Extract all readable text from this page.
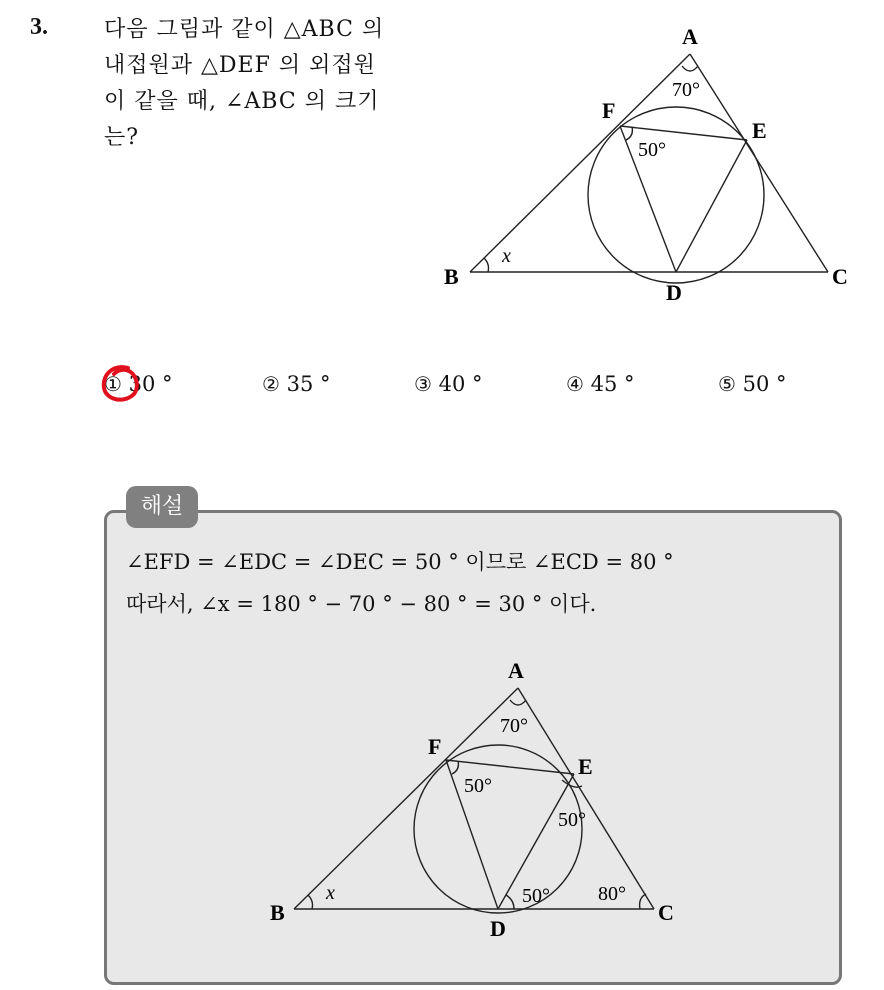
3.	다음 그림과 같이 △ABC 의
내접원과 △DEF 의 외접원
이 같을 때, ∠ABC 의 크기
는?
A
B	C
D
E
F
x
70°
50°
① 30 °	② 35 °	③ 40 °	④ 45 °	⑤ 50 °
해설
∠EFD = ∠EDC = ∠DEC = 50 ° 이므로 ∠ECD = 80 °
따라서, ∠x = 180 ° − 70 ° − 80 ° = 30 ° 이다.
A
B	C
D
E
F
x
70°
50°
50°
50° 80°
